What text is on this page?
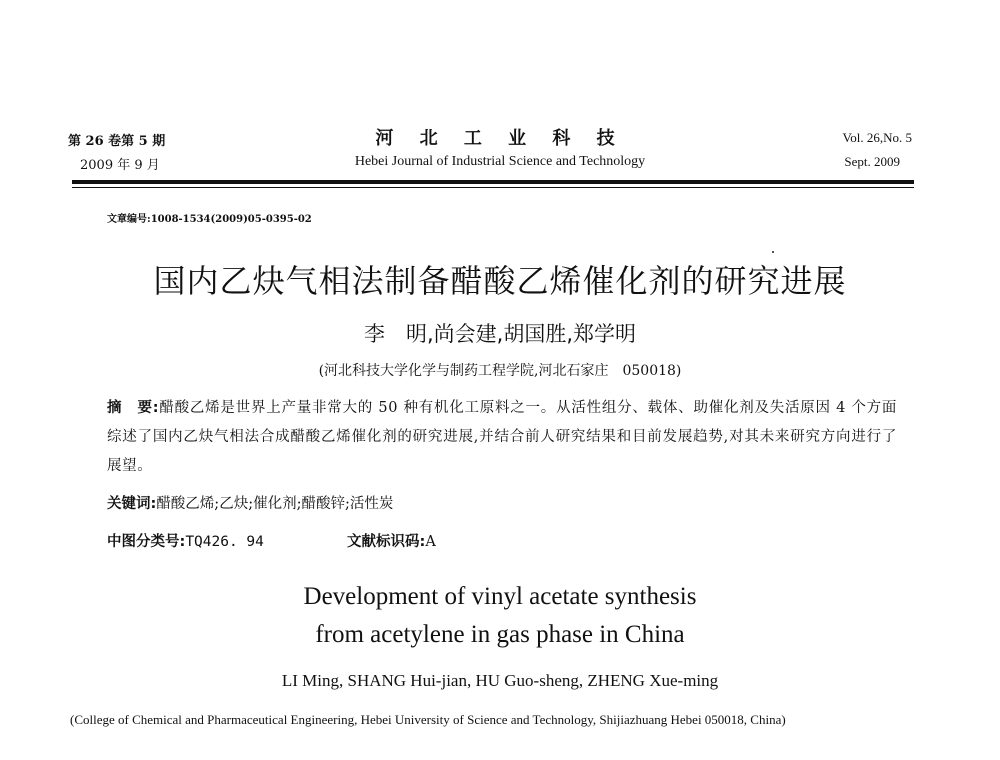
第 26 卷第 5 期
2009 年 9 月
河 北 工 业 科 技
Hebei Journal of Industrial Science and Technology
Vol. 26,No. 5
Sept. 2009
文章编号:1008-1534(2009)05-0395-02
国内乙炔气相法制备醋酸乙烯催化剂的研究进展
李　明,尚会建,胡国胜,郑学明
(河北科技大学化学与制药工程学院,河北石家庄　050018)
摘　要:醋酸乙烯是世界上产量非常大的 50 种有机化工原料之一。从活性组分、载体、助催化剂及失活原因 4 个方面综述了国内乙炔气相法合成醋酸乙烯催化剂的研究进展,并结合前人研究结果和目前发展趋势,对其未来研究方向进行了展望。
关键词:醋酸乙烯;乙炔;催化剂;醋酸锌;活性炭
中图分类号:TQ426. 94	文献标识码:A
Development of vinyl acetate synthesis
from acetylene in gas phase in China
LI Ming, SHANG Hui-jian, HU Guo-sheng, ZHENG Xue-ming
(College of Chemical and Pharmaceutical Engineering, Hebei University of Science and Technology, Shijiazhuang Hebei 050018, China)
